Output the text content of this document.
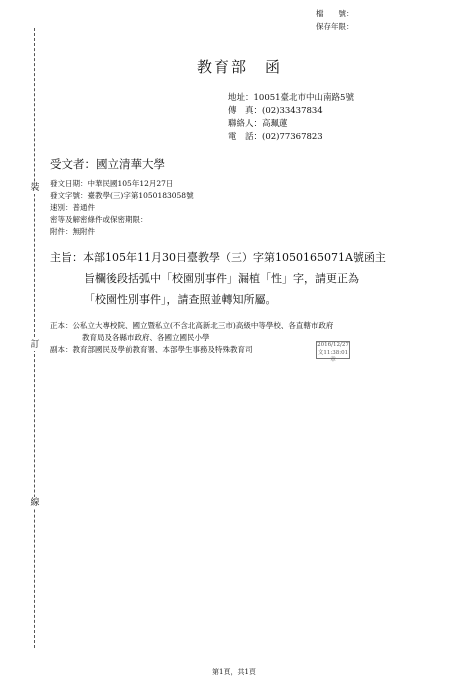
裝
訂
線
檔　　號：
保存年限：
教育部　函
地址：10051臺北市中山南路5號
傳　真：(02)33437834
聯絡人：高珮蓮
電　話：(02)77367823
受文者：國立清華大學
發文日期：中華民國105年12月27日
發文字號：臺教學(三)字第1050183058號
速別：普通件
密等及解密條件或保密期限：
附件：無附件
主旨：本部105年11月30日臺教學（三）字第1050165071A號函主
旨欄後段括弧中「校園別事件」漏植「性」字，請更正為
「校園性別事件」，請查照並轉知所屬。
正本：公私立大專校院、國立暨私立(不含北高新北三市)高級中等學校、各直轄市政府
教育局及各縣市政府、各國立國民小學
副本：教育部國民及學前教育署、本部學生事務及特殊教育司	2016/12/27
文11:38:01章
第1頁，共1頁
